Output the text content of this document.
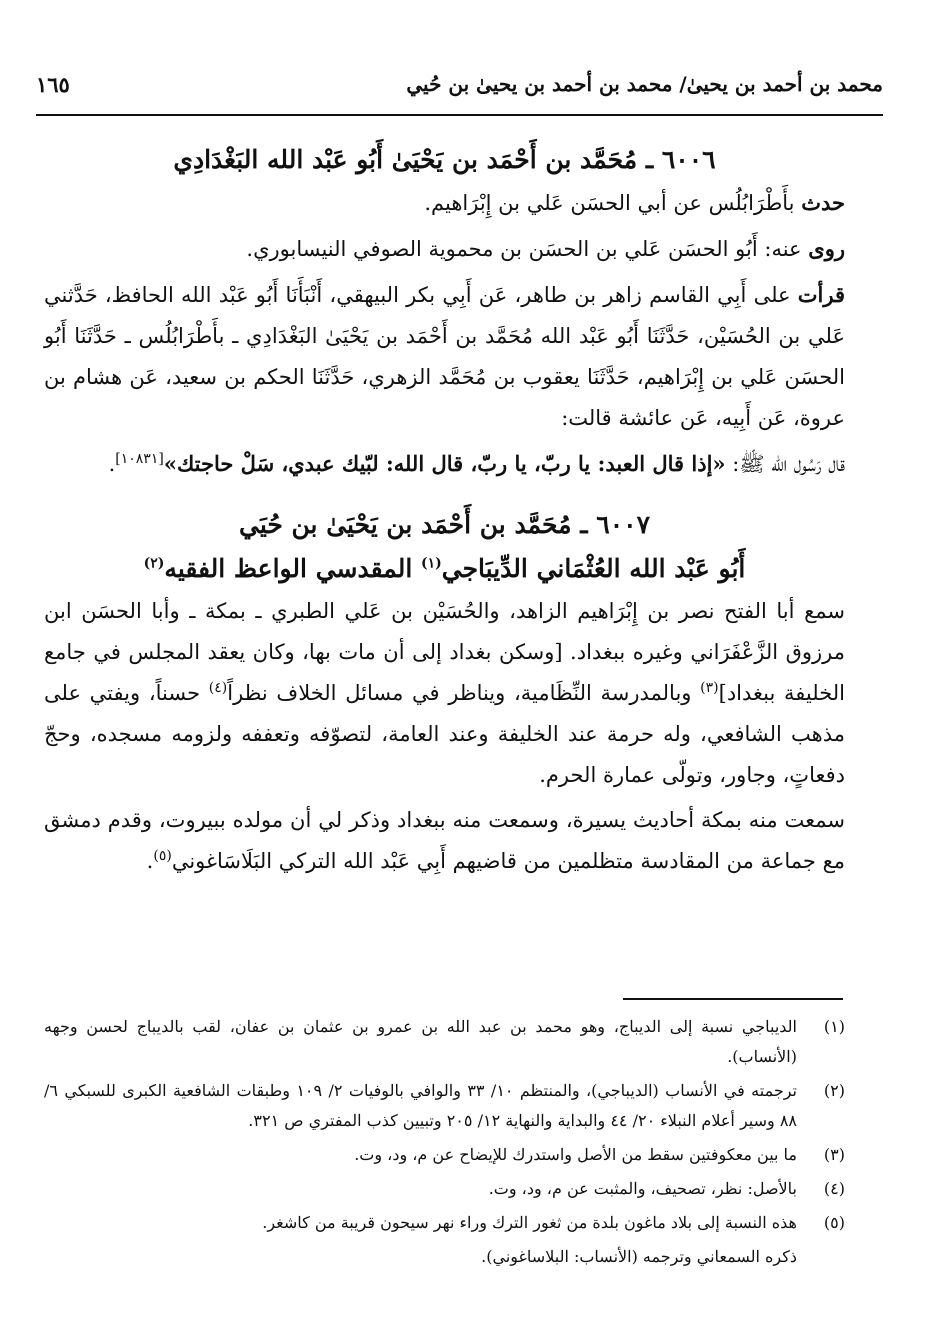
محمد بن أحمد بن يحيىٰ/ محمد بن أحمد بن يحيىٰ بن حُيي
١٦٥
٦٠٠٦ ـ مُحَمَّد بن أَحْمَد بن يَحْيَىٰ أَبُو عَبْد الله البَغْدَادِي

حدث بأَطْرَابُلُس عن أبي الحسَن عَلي بن إِبْرَاهيم.

روى عنه: أَبُو الحسَن عَلي بن الحسَن بن محموية الصوفي النيسابوري.

قرأت على أَبِي القاسم زاهر بن طاهر، عَن أَبِي بكر البيهقي، أَنْبَأَنَا أَبُو عَبْد الله الحافظ، حَدَّثني عَلي بن الحُسَيْن، حَدَّثَنَا أَبُو عَبْد الله مُحَمَّد بن أَحْمَد بن يَحْيَىٰ البَغْدَادِي ـ بأَطْرَابُلُس ـ حَدَّثَنَا أَبُو الحسَن عَلي بن إِبْرَاهيم، حَدَّثَنَا يعقوب بن مُحَمَّد الزهري، حَدَّثَنَا الحكم بن سعيد، عَن هشام بن عروة، عَن أَبِيه، عَن عائشة قالت:

قال رَسُول الله ﷺ: «إذا قال العبد: يا ربّ، يا ربّ، قال الله: لبّيك عبدي، سَلْ حاجتك»[١٠٨٣١].

٦٠٠٧ ـ مُحَمَّد بن أَحْمَد بن يَحْيَىٰ بن حُيَي
أَبُو عَبْد الله العُثْمَاني الدِّيبَاجي$^{(١)}$ المقدسي الواعظ الفقيه$^{(٢)}$

سمع أبا الفتح نصر بن إِبْرَاهيم الزاهد، والحُسَيْن بن عَلي الطبري ـ بمكة ـ وأبا الحسَن ابن مرزوق الزَّعْفَرَاني وغيره ببغداد. [وسكن بغداد إلى أن مات بها، وكان يعقد المجلس في جامع الخليفة ببغداد]$^{(٣)}$ وبالمدرسة النِّظَامية، ويناظر في مسائل الخلاف نظراً$^{(٤)}$ حسناً، ويفتي على مذهب الشافعي، وله حرمة عند الخليفة وعند العامة، لتصوّفه وتعففه ولزومه مسجده، وحجّ دفعاتٍ، وجاور، وتولّى عمارة الحرم.

سمعت منه بمكة أحاديث يسيرة، وسمعت منه ببغداد وذكر لي أن مولده ببيروت، وقدم دمشق مع جماعة من المقادسة متظلمين من قاضيهم أَبِي عَبْد الله التركي البَلَاسَاغوني$^{(٥)}$.

(١)
الديباجي نسبة إلى الديباج، وهو محمد بن عبد الله بن عمرو بن عثمان بن عفان، لقب بالديباج لحسن وجهه (الأنساب).
(٢)
ترجمته في الأنساب (الديباجي)، والمنتظم ١٠/ ٣٣ والوافي بالوفيات ٢/ ١٠٩ وطبقات الشافعية الكبرى للسبكي ٦/ ٨٨ وسير أعلام النبلاء ٢٠/ ٤٤ والبداية والنهاية ١٢/ ٢٠٥ وتبيين كذب المفتري ص ٣٢١.
(٣)
ما بين معكوفتين سقط من الأصل واستدرك للإيضاح عن م، ود، وت.
(٤)
بالأصل: نظر، تصحيف، والمثبت عن م، ود، وت.
(٥)
هذه النسبة إلى بلاد ماغون بلدة من ثغور الترك وراء نهر سيحون قريبة من كاشغر.
ذكره السمعاني وترجمه (الأنساب: البلاساغوني).
